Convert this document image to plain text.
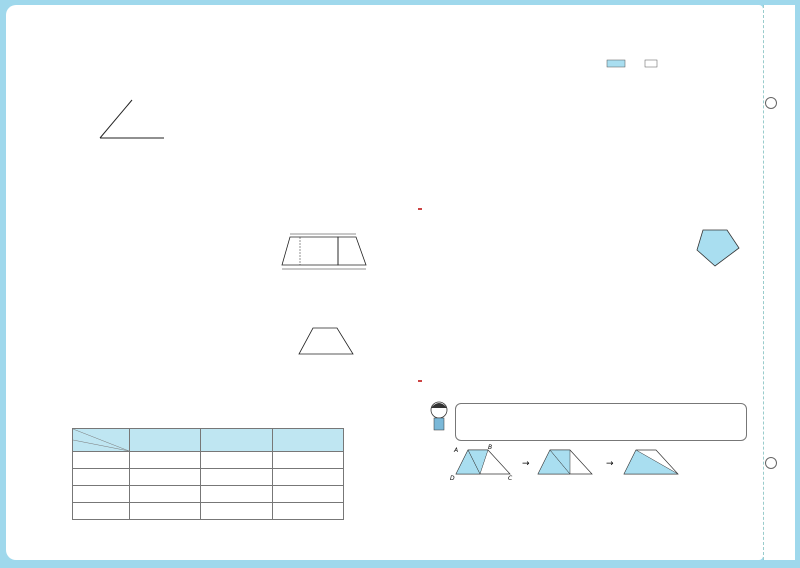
A	B
D	C
→	→
